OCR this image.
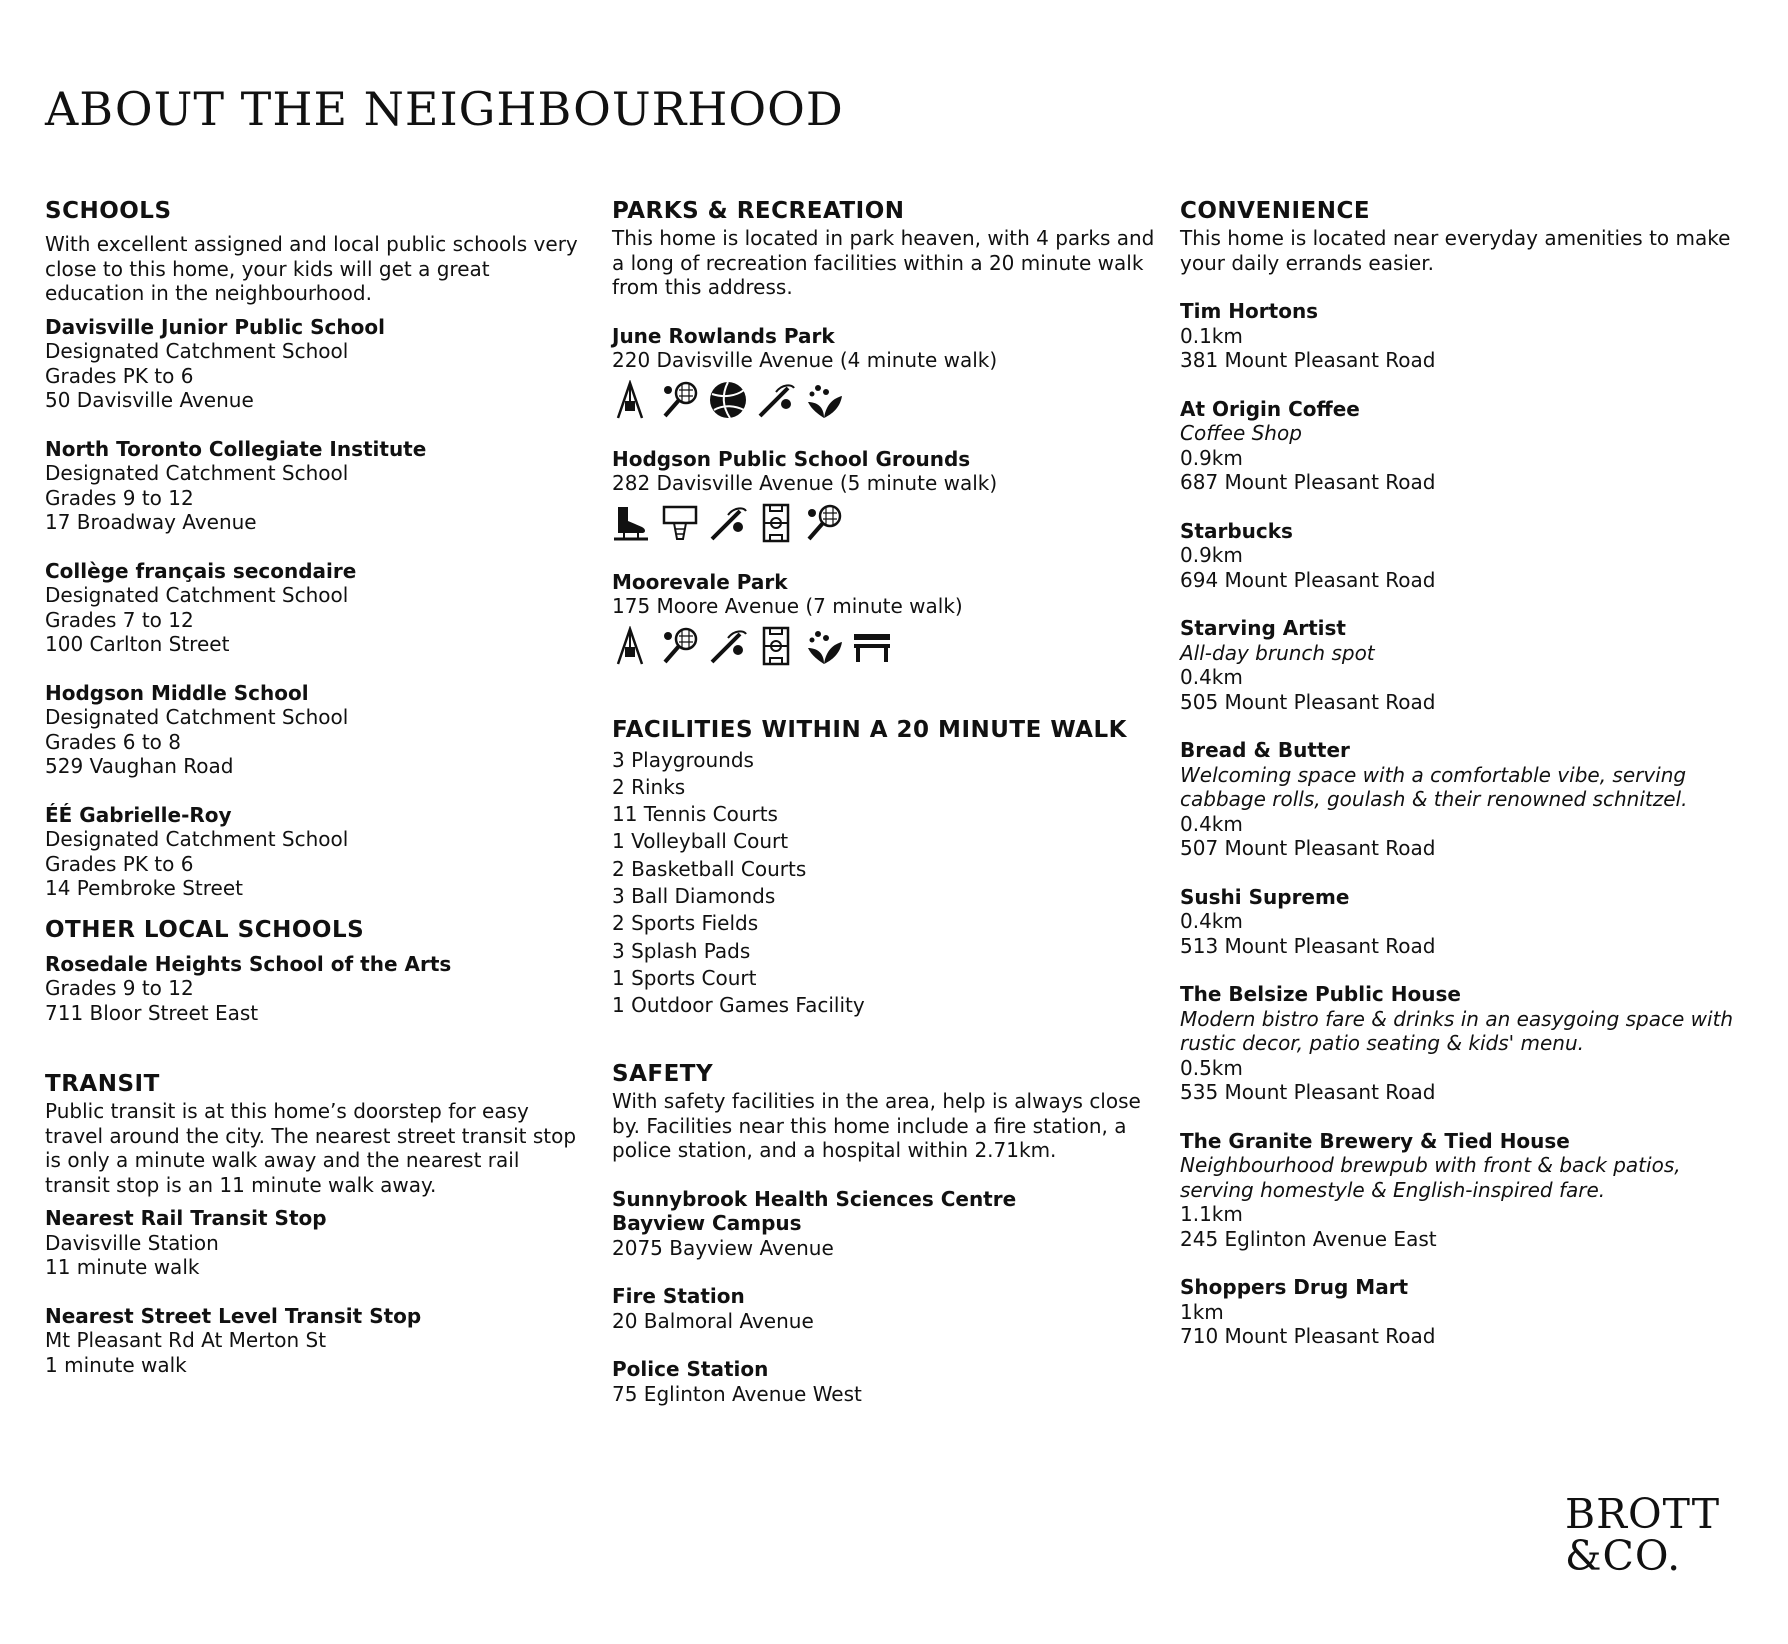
ABOUT THE NEIGHBOURHOOD
SCHOOLS

With excellent assigned and local public schools very close to this home, your kids will get a great education in the neighbourhood.

Davisville Junior Public School
Designated Catchment School
Grades PK to 6
50 Davisville Avenue
North Toronto Collegiate Institute
Designated Catchment School
Grades 9 to 12
17 Broadway Avenue
Collège français secondaire
Designated Catchment School
Grades 7 to 12
100 Carlton Street
Hodgson Middle School
Designated Catchment School
Grades 6 to 8
529 Vaughan Road
ÉÉ Gabrielle-Roy
Designated Catchment School
Grades PK to 6
14 Pembroke Street
OTHER LOCAL SCHOOLS
Rosedale Heights School of the Arts
Grades 9 to 12
711 Bloor Street East
TRANSIT

Public transit is at this home’s doorstep for easy travel around the city. The nearest street transit stop is only a minute walk away and the nearest rail transit stop is an 11 minute walk away.

Nearest Rail Transit Stop
Davisville Station
11 minute walk
Nearest Street Level Transit Stop
Mt Pleasant Rd At Merton St
1 minute walk
PARKS & RECREATION

This home is located in park heaven, with 4 parks and a long of recreation facilities within a 20 minute walk from this address.

June Rowlands Park
220 Davisville Avenue (4 minute walk)
Hodgson Public School Grounds
282 Davisville Avenue (5 minute walk)
Moorevale Park
175 Moore Avenue (7 minute walk)
FACILITIES WITHIN A 20 MINUTE WALK
3 Playgrounds
2 Rinks
11 Tennis Courts
1 Volleyball Court
2 Basketball Courts
3 Ball Diamonds
2 Sports Fields
3 Splash Pads
1 Sports Court
1 Outdoor Games Facility
SAFETY

With safety facilities in the area, help is always close by. Facilities near this home include a fire station, a police station, and a hospital within 2.71km.

Sunnybrook Health Sciences Centre
Bayview Campus
2075 Bayview Avenue
Fire Station
20 Balmoral Avenue
Police Station
75 Eglinton Avenue West
CONVENIENCE

This home is located near everyday amenities to make your daily errands easier.

Tim Hortons
0.1km
381 Mount Pleasant Road
At Origin Coffee
Coffee Shop
0.9km
687 Mount Pleasant Road
Starbucks
0.9km
694 Mount Pleasant Road
Starving Artist
All-day brunch spot
0.4km
505 Mount Pleasant Road
Bread & Butter
Welcoming space with a comfortable vibe, serving cabbage rolls, goulash & their renowned schnitzel.
0.4km
507 Mount Pleasant Road
Sushi Supreme
0.4km
513 Mount Pleasant Road
The Belsize Public House
Modern bistro fare & drinks in an easygoing space with rustic decor, patio seating & kids' menu.
0.5km
535 Mount Pleasant Road
The Granite Brewery & Tied House
Neighbourhood brewpub with front & back patios, serving homestyle & English-inspired fare.
1.1km
245 Eglinton Avenue East
Shoppers Drug Mart
1km
710 Mount Pleasant Road
BROTT
&CO.
